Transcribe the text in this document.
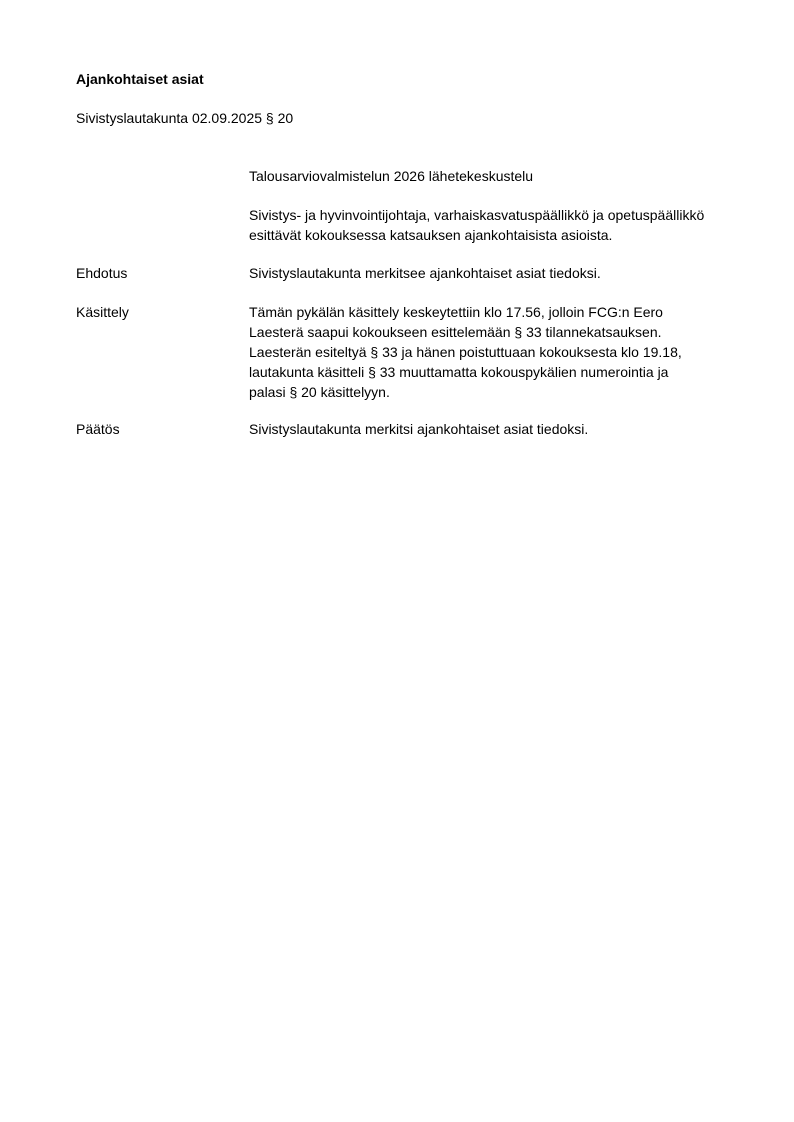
Ajankohtaiset asiat
Sivistyslautakunta 02.09.2025 § 20
Talousarviovalmistelun 2026 lähetekeskustelu
Sivistys- ja hyvinvointijohtaja, varhaiskasvatuspäällikkö ja opetuspäällikkö
esittävät kokouksessa katsauksen ajankohtaisista asioista.
Ehdotus	Sivistyslautakunta merkitsee ajankohtaiset asiat tiedoksi.
Käsittely	Tämän pykälän käsittely keskeytettiin klo 17.56, jolloin FCG:n Eero
Laesterä saapui kokoukseen esittelemään § 33 tilannekatsauksen.
Laesterän esiteltyä § 33 ja hänen poistuttuaan kokouksesta klo 19.18,
lautakunta käsitteli § 33 muuttamatta kokouspykälien numerointia ja
palasi § 20 käsittelyyn.
Päätös	Sivistyslautakunta merkitsi ajankohtaiset asiat tiedoksi.
